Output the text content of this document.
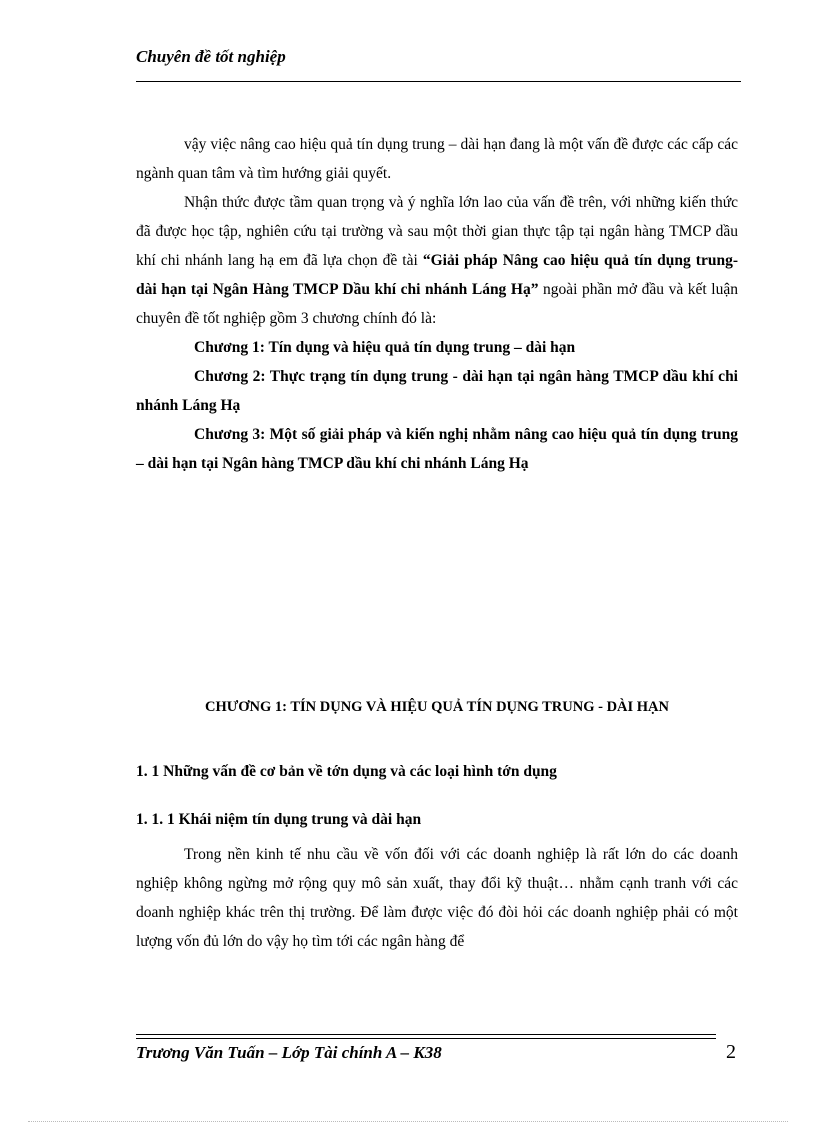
Chuyên đề tốt nghiệp

vậy việc nâng cao hiệu quả tín dụng trung – dài hạn đang là một vấn đề được các cấp các ngành quan tâm và tìm hướng giải quyết.

Nhận thức được tầm quan trọng và ý nghĩa lớn lao của vấn đề trên, với những kiến thức đã được học tập, nghiên cứu tại trường và sau một thời gian thực tập tại ngân hàng TMCP dầu khí chi nhánh lang hạ em đã lựa chọn đề tài “Giải pháp Nâng cao hiệu quả tín dụng trung- dài hạn tại Ngân Hàng TMCP Dầu khí chi nhánh Láng Hạ” ngoài phần mở đầu và kết luận chuyên đề tốt nghiệp gồm 3 chương chính đó là:

Chương 1: Tín dụng và hiệu quả tín dụng trung – dài hạn

Chương 2: Thực trạng tín dụng trung - dài hạn tại ngân hàng TMCP dầu khí chi nhánh Láng Hạ

Chương 3: Một số giải pháp và kiến nghị nhằm nâng cao hiệu quả tín dụng trung – dài hạn tại Ngân hàng TMCP dầu khí chi nhánh Láng Hạ

CHƯƠNG 1: TÍN DỤNG VÀ HIỆU QUẢ TÍN DỤNG TRUNG - DÀI HẠN
1. 1 Những vấn đề cơ bản về tớn dụng và các loại hình tớn dụng
1. 1. 1 Khái niệm tín dụng trung và dài hạn

Trong nền kinh tế nhu cầu về vốn đối với các doanh nghiệp là rất lớn do các doanh nghiệp không ngừng mở rộng quy mô sản xuất, thay đổi kỹ thuật… nhằm cạnh tranh với các doanh nghiệp khác trên thị trường. Để làm được việc đó đòi hỏi các doanh nghiệp phải có một lượng vốn đủ lớn do vậy họ tìm tới các ngân hàng để

Trương Văn Tuấn – Lớp Tài chính A – K38	2
